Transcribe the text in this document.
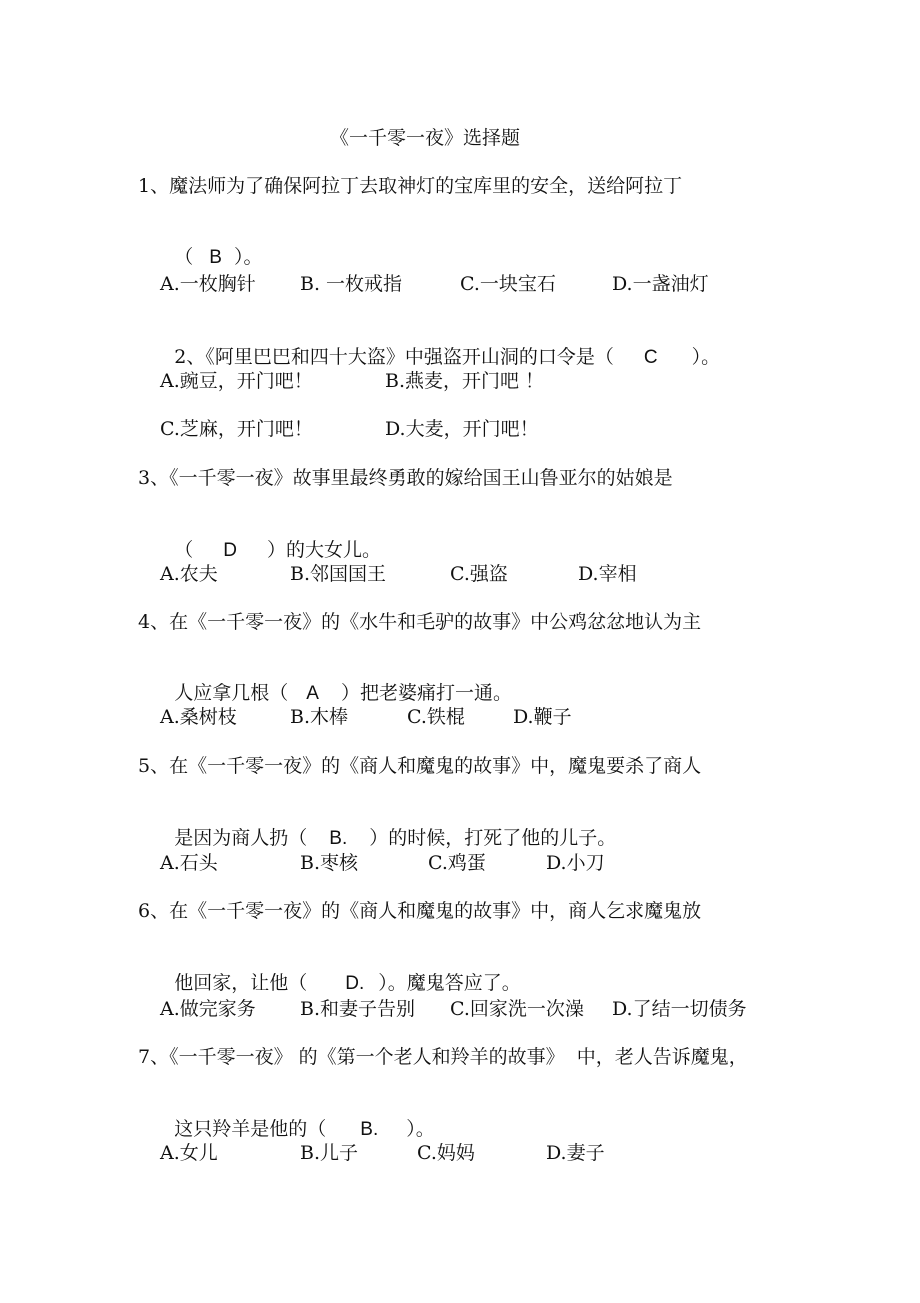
《一千零一夜》选择题
1、魔法师为了确保阿拉丁去取神灯的宝库里的安全，送给阿拉丁

（ B ）。

A.一枚胸针 B. 一枚戒指	C.一块宝石	D.一盏油灯

2、《阿里巴巴和四十大盗》中强盗开山洞的口令是（ C ）。

A.豌豆，开门吧！	B.燕麦，开门吧 ！
C.芝麻，开门吧！	D.大麦，开门吧！
3、《一千零一夜》故事里最终勇敢的嫁给国王山鲁亚尔的姑娘是

（ D ）的大女儿。

A.农夫	B.邻国国王	C.强盗	D.宰相
4、在《一千零一夜》的《水牛和毛驴的故事》中公鸡忿忿地认为主

人应拿几根（ A ）把老婆痛打一通。

A.桑树枝	B.木棒	C.铁棍	D.鞭子
5、在《一千零一夜》的《商人和魔鬼的故事》中，魔鬼要杀了商人

是因为商人扔（ B. ）的时候，打死了他的儿子。

A.石头	B.枣核	C.鸡蛋	D.小刀
6、在《一千零一夜》的《商人和魔鬼的故事》中，商人乞求魔鬼放

他回家，让他（ D. ）。魔鬼答应了。

A.做完家务 B.和妻子告别 C.回家洗一次澡 D.了结一切债务
7、《一千零一夜》 的《第一个老人和羚羊的故事》  中，老人告诉魔鬼，

这只羚羊是他的（ B. ）。

A.女儿	B.儿子	C.妈妈	D.妻子
